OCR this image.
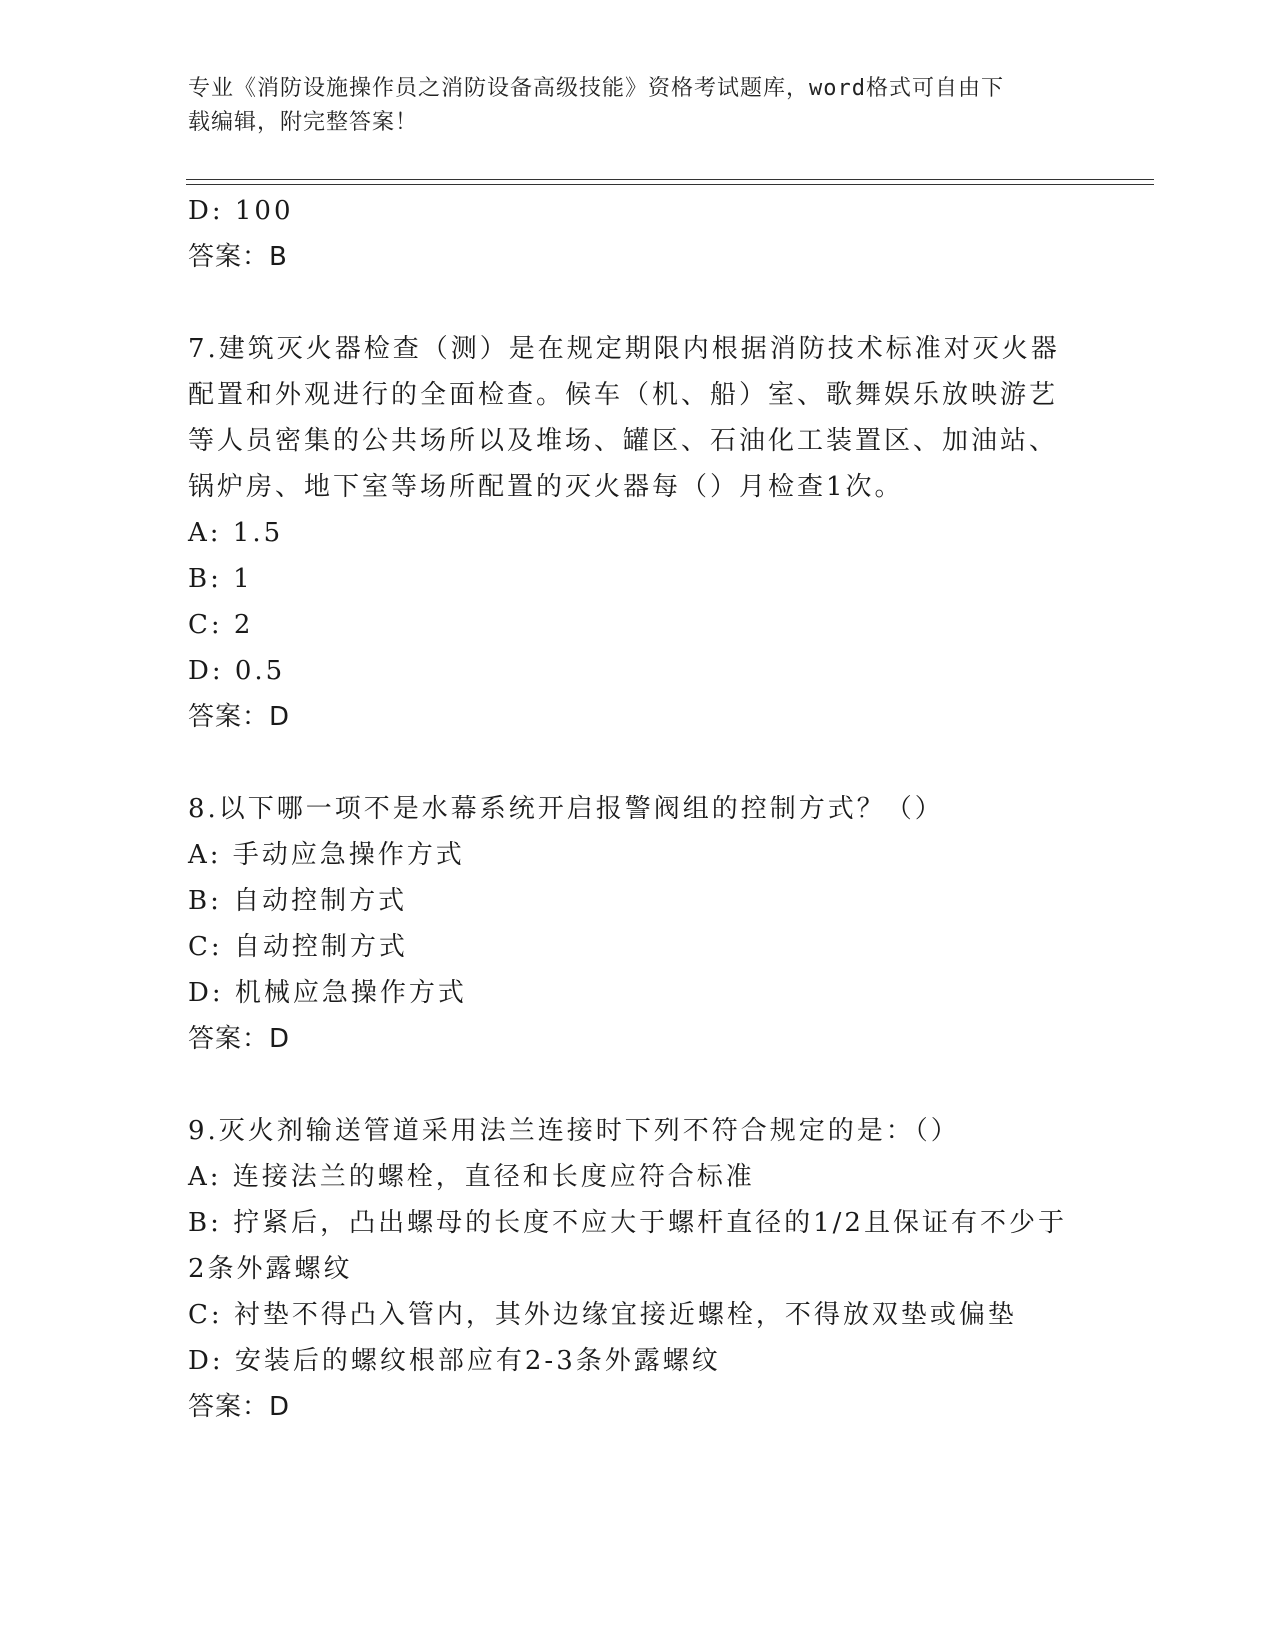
专业《消防设施操作员之消防设备高级技能》资格考试题库，word格式可自由下
载编辑，附完整答案！
D: 100
答案：B
7.建筑灭火器检查（测）是在规定期限内根据消防技术标准对灭火器
配置和外观进行的全面检查。候车（机、船）室、歌舞娱乐放映游艺
等人员密集的公共场所以及堆场、罐区、石油化工装置区、加油站、
锅炉房、地下室等场所配置的灭火器每（）月检查1次。
A: 1.5
B: 1
C: 2
D: 0.5
答案：D
8.以下哪一项不是水幕系统开启报警阀组的控制方式？（）
A: 手动应急操作方式
B: 自动控制方式
C: 自动控制方式
D: 机械应急操作方式
答案：D
9.灭火剂输送管道采用法兰连接时下列不符合规定的是：（）
A: 连接法兰的螺栓，直径和长度应符合标准
B: 拧紧后，凸出螺母的长度不应大于螺杆直径的1/2且保证有不少于
2条外露螺纹
C: 衬垫不得凸入管内，其外边缘宜接近螺栓，不得放双垫或偏垫
D: 安装后的螺纹根部应有2-3条外露螺纹
答案：D
